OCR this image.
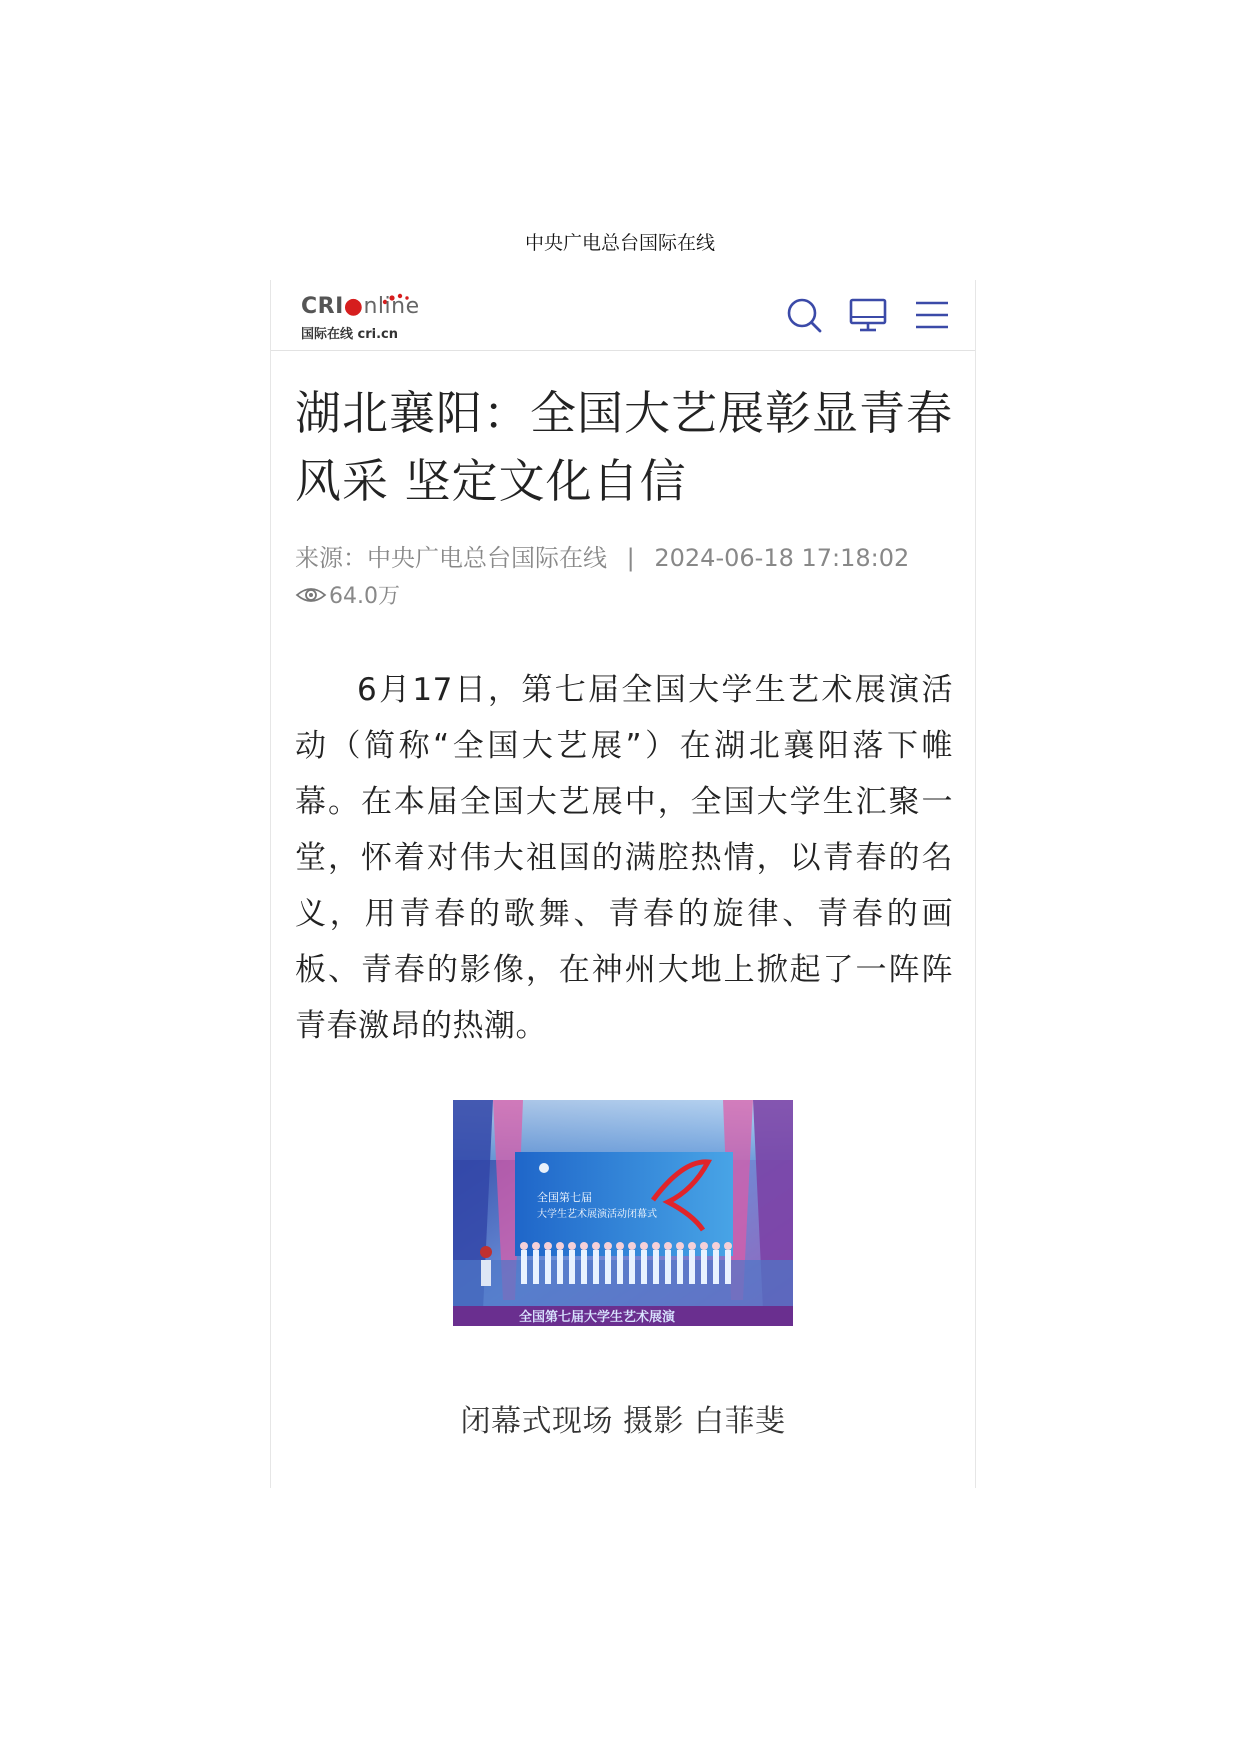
中央广电总台国际在线
CRI●nline
国际在线 cri.cn
湖北襄阳：全国大艺展彰显青春风采 坚定文化自信
来源：中央广电总台国际在线 | 2024-06-18 17:18:02
64.0万
6月17日，第七届全国大学生艺术展演活动（简称“全国大艺展”）在湖北襄阳落下帷幕。在本届全国大艺展中，全国大学生汇聚一堂，怀着对伟大祖国的满腔热情，以青春的名义，用青春的歌舞、青春的旋律、青春的画板、青春的影像，在神州大地上掀起了一阵阵青春激昂的热潮。
全国第七届
大学生艺术展演活动闭幕式
全国第七届大学生艺术展演
闭幕式现场 摄影 白菲斐
